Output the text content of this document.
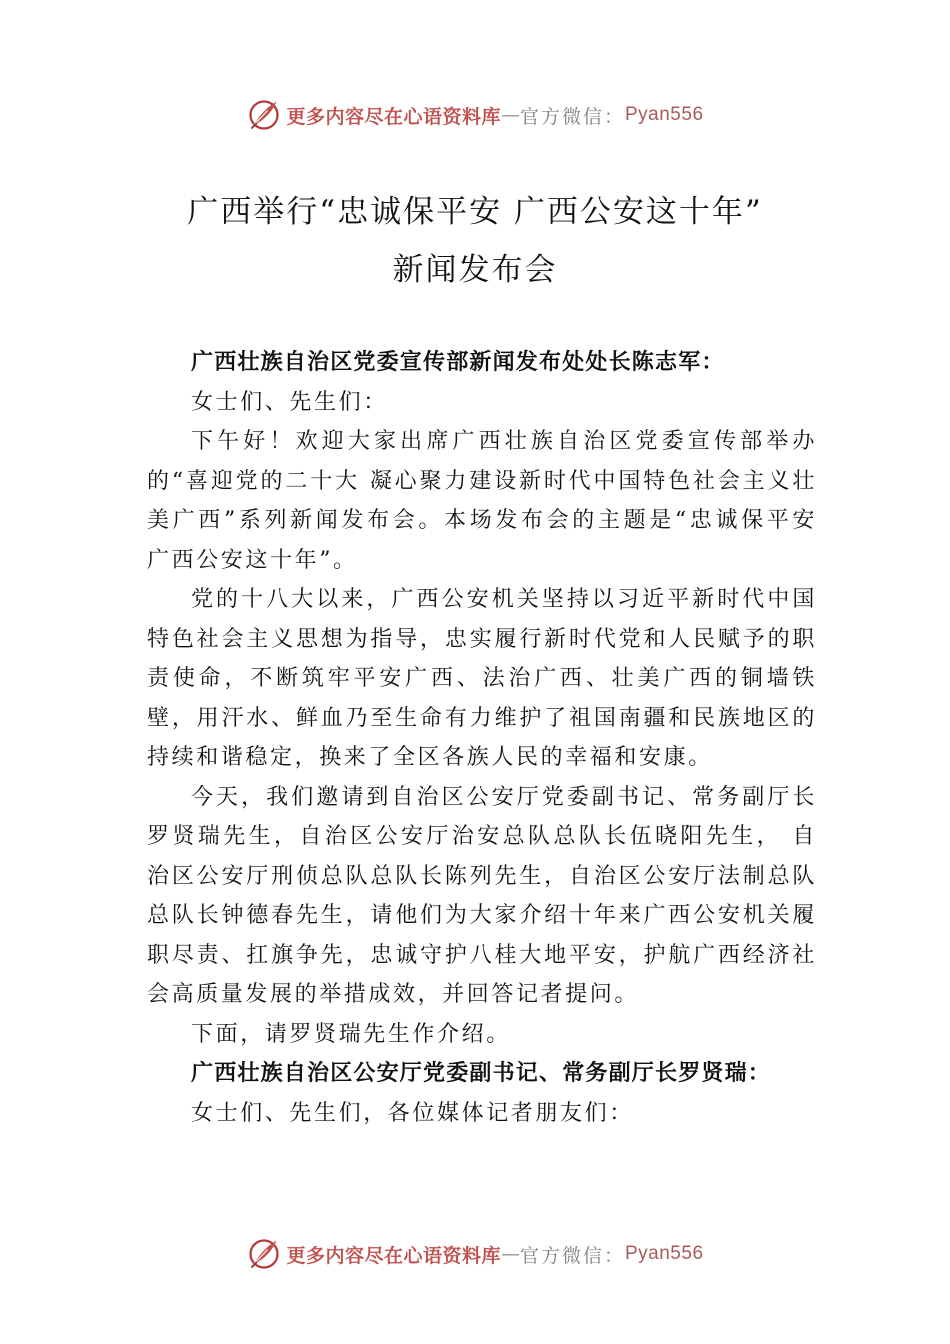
更多内容尽在心语资料库 — 官方微信： Pyan556
广西举行“忠诚保平安 广西公安这十年”
新闻发布会

广西壮族自治区党委宣传部新闻发布处处长陈志军：

女士们、先生们：

下午好！欢迎大家出席广西壮族自治区党委宣传部举办的“喜迎党的二十大 凝心聚力建设新时代中国特色社会主义壮美广西”系列新闻发布会。本场发布会的主题是“忠诚保平安 广西公安这十年”。

党的十八大以来，广西公安机关坚持以习近平新时代中国特色社会主义思想为指导，忠实履行新时代党和人民赋予的职责使命，不断筑牢平安广西、法治广西、壮美广西的铜墙铁壁，用汗水、鲜血乃至生命有力维护了祖国南疆和民族地区的持续和谐稳定，换来了全区各族人民的幸福和安康。

今天，我们邀请到自治区公安厅党委副书记、常务副厅长罗贤瑞先生，自治区公安厅治安总队总队长伍晓阳先生， 自治区公安厅刑侦总队总队长陈列先生，自治区公安厅法制总队总队长钟德春先生，请他们为大家介绍十年来广西公安机关履职尽责、扛旗争先，忠诚守护八桂大地平安，护航广西经济社会高质量发展的举措成效，并回答记者提问。

下面，请罗贤瑞先生作介绍。

广西壮族自治区公安厅党委副书记、常务副厅长罗贤瑞：

女士们、先生们，各位媒体记者朋友们：

更多内容尽在心语资料库 — 官方微信： Pyan556
